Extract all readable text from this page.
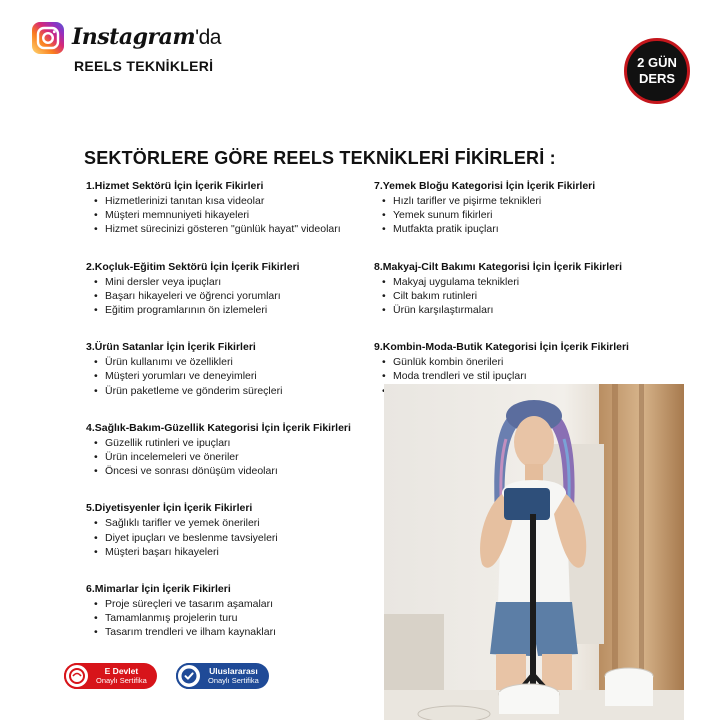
Instagram'da
REELS TEKNİKLERİ	2 GÜN
DERS
SEKTÖRLERE GÖRE REELS TEKNİKLERİ FİKİRLERİ :
1.Hizmet Sektörü İçin İçerik Fikirleri
• Hizmetlerinizi tanıtan kısa videolar
• Müşteri memnuniyeti hikayeleri
• Hizmet sürecinizi gösteren "günlük hayat" videoları
2.Koçluk-Eğitim Sektörü İçin İçerik Fikirleri
• Mini dersler veya ipuçları
• Başarı hikayeleri ve öğrenci yorumları
• Eğitim programlarının ön izlemeleri
3.Ürün Satanlar İçin İçerik Fikirleri
• Ürün kullanımı ve özellikleri
• Müşteri yorumları ve deneyimleri
• Ürün paketleme ve gönderim süreçleri
4.Sağlık-Bakım-Güzellik Kategorisi İçin İçerik Fikirleri
• Güzellik rutinleri ve ipuçları
• Ürün incelemeleri ve öneriler
• Öncesi ve sonrası dönüşüm videoları
5.Diyetisyenler İçin İçerik Fikirleri
• Sağlıklı tarifler ve yemek önerileri
• Diyet ipuçları ve beslenme tavsiyeleri
• Müşteri başarı hikayeleri
6.Mimarlar İçin İçerik Fikirleri
• Proje süreçleri ve tasarım aşamaları
• Tamamlanmış projelerin turu
• Tasarım trendleri ve ilham kaynakları
7.Yemek Bloğu Kategorisi İçin İçerik Fikirleri
• Hızlı tarifler ve pişirme teknikleri
• Yemek sunum fikirleri
• Mutfakta pratik ipuçları
8.Makyaj-Cilt Bakımı Kategorisi İçin İçerik Fikirleri
• Makyaj uygulama teknikleri
• Cilt bakım rutinleri
• Ürün karşılaştırmaları
9.Kombin-Moda-Butik Kategorisi İçin İçerik Fikirleri
• Günlük kombin önerileri
• Moda trendleri ve stil ipuçları
•
E Devlet
Onaylı Sertifika
Uluslararası
Onaylı Sertifika
